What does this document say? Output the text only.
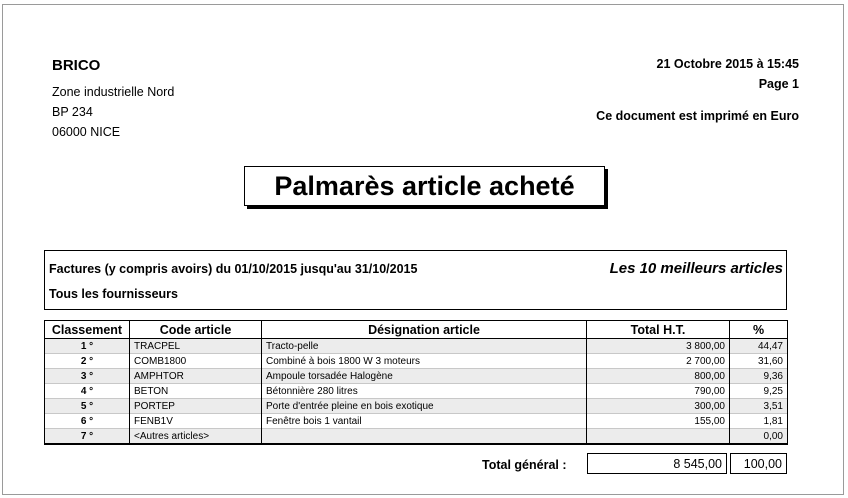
BRICO
Zone industrielle Nord
BP 234
06000 NICE
21 Octobre 2015 à 15:45
Page 1
Ce document est imprimé en Euro
Palmarès article acheté
Factures (y compris avoirs) du 01/10/2015 jusqu'au 31/10/2015
Tous les fournisseurs
Les 10 meilleurs articles
Classement	Code article	Désignation article	Total H.T.	%
1 °	TRACPEL	Tracto-pelle	3 800,00	44,47
2 °	COMB1800	Combiné à bois 1800 W 3 moteurs	2 700,00	31,60
3 °	AMPHTOR	Ampoule torsadée Halogène	800,00	9,36
4 °	BETON	Bétonnière 280 litres	790,00	9,25
5 °	PORTEP	Porte d'entrée pleine en bois exotique	300,00	3,51
6 °	FENB1V	Fenêtre bois 1 vantail	155,00	1,81
7 °	<Autres articles>			0,00
Total général :	8 545,00	100,00
